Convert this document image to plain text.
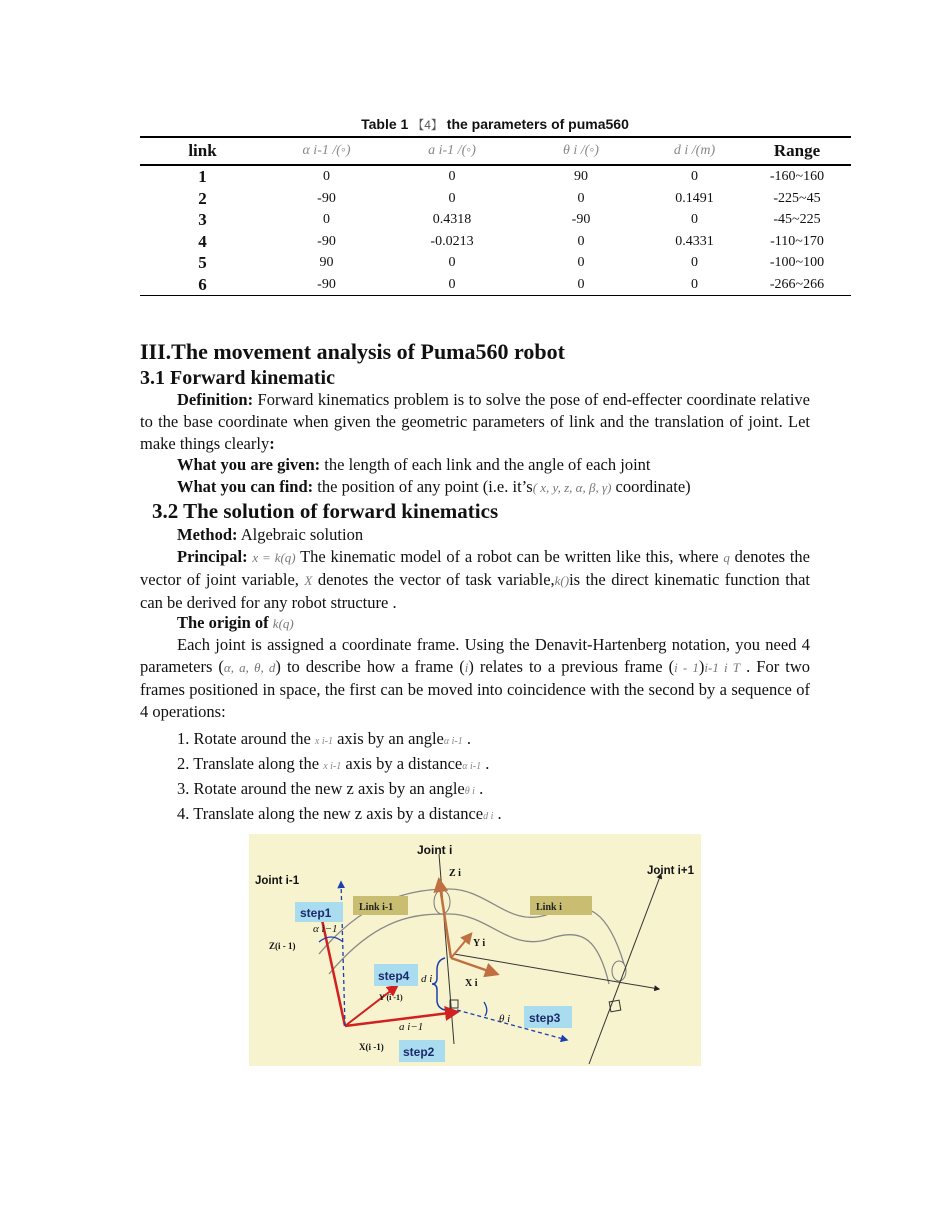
Table 1 【4】 the parameters of puma560
link	α i-1 /(◦)	a i-1 /(◦)	θ i /(◦)	d i /(m)	Range
1	0	0	90	0	-160~160
2	-90	0	0	0.1491	-225~45
3	0	0.4318	-90	0	-45~225
4	-90	-0.0213	0	0.4331	-110~170
5	90	0	0	0	-100~100
6	-90	0	0	0	-266~266
III.The movement analysis of Puma560 robot
3.1 Forward kinematic
Definition: Forward kinematics problem is to solve the pose of end-effecter coordinate relative to the base coordinate when given the geometric parameters of link and the translation of joint. Let make things clearly:
What you are given: the length of each link and the angle of each joint
What you can find: the position of any point (i.e. it’s( x, y, z, α, β, γ) coordinate)
3.2 The solution of forward kinematics
Method: Algebraic solution
Principal: x = k(q) The kinematic model of a robot can be written like this, where q denotes the vector of joint variable, X denotes the vector of task variable,k()is the direct kinematic function that can be derived for any robot structure .
The origin of k(q)
Each joint is assigned a coordinate frame. Using the Denavit-Hartenberg notation, you need 4 parameters (α, a, θ, d) to describe how a frame (i) relates to a previous frame (i - 1)i-1 i T . For two frames positioned in space, the first can be moved into coincidence with the second by a sequence of 4 operations:
1. Rotate around the x i-1 axis by an angleα i-1 .
2. Translate along the x i-1 axis by a distanceα i-1 .
3. Rotate around the new z axis by an angleθ i .
4. Translate along the new z axis by a distanced i .
Joint i
Joint i-1
Joint i+1
Link i-1	Link i
step1
step2
step3
step4
Z i
Y i
X i
Z(i - 1)
Y (i -1)
X(i -1)
α i−1
a i−1
θ i
d i
